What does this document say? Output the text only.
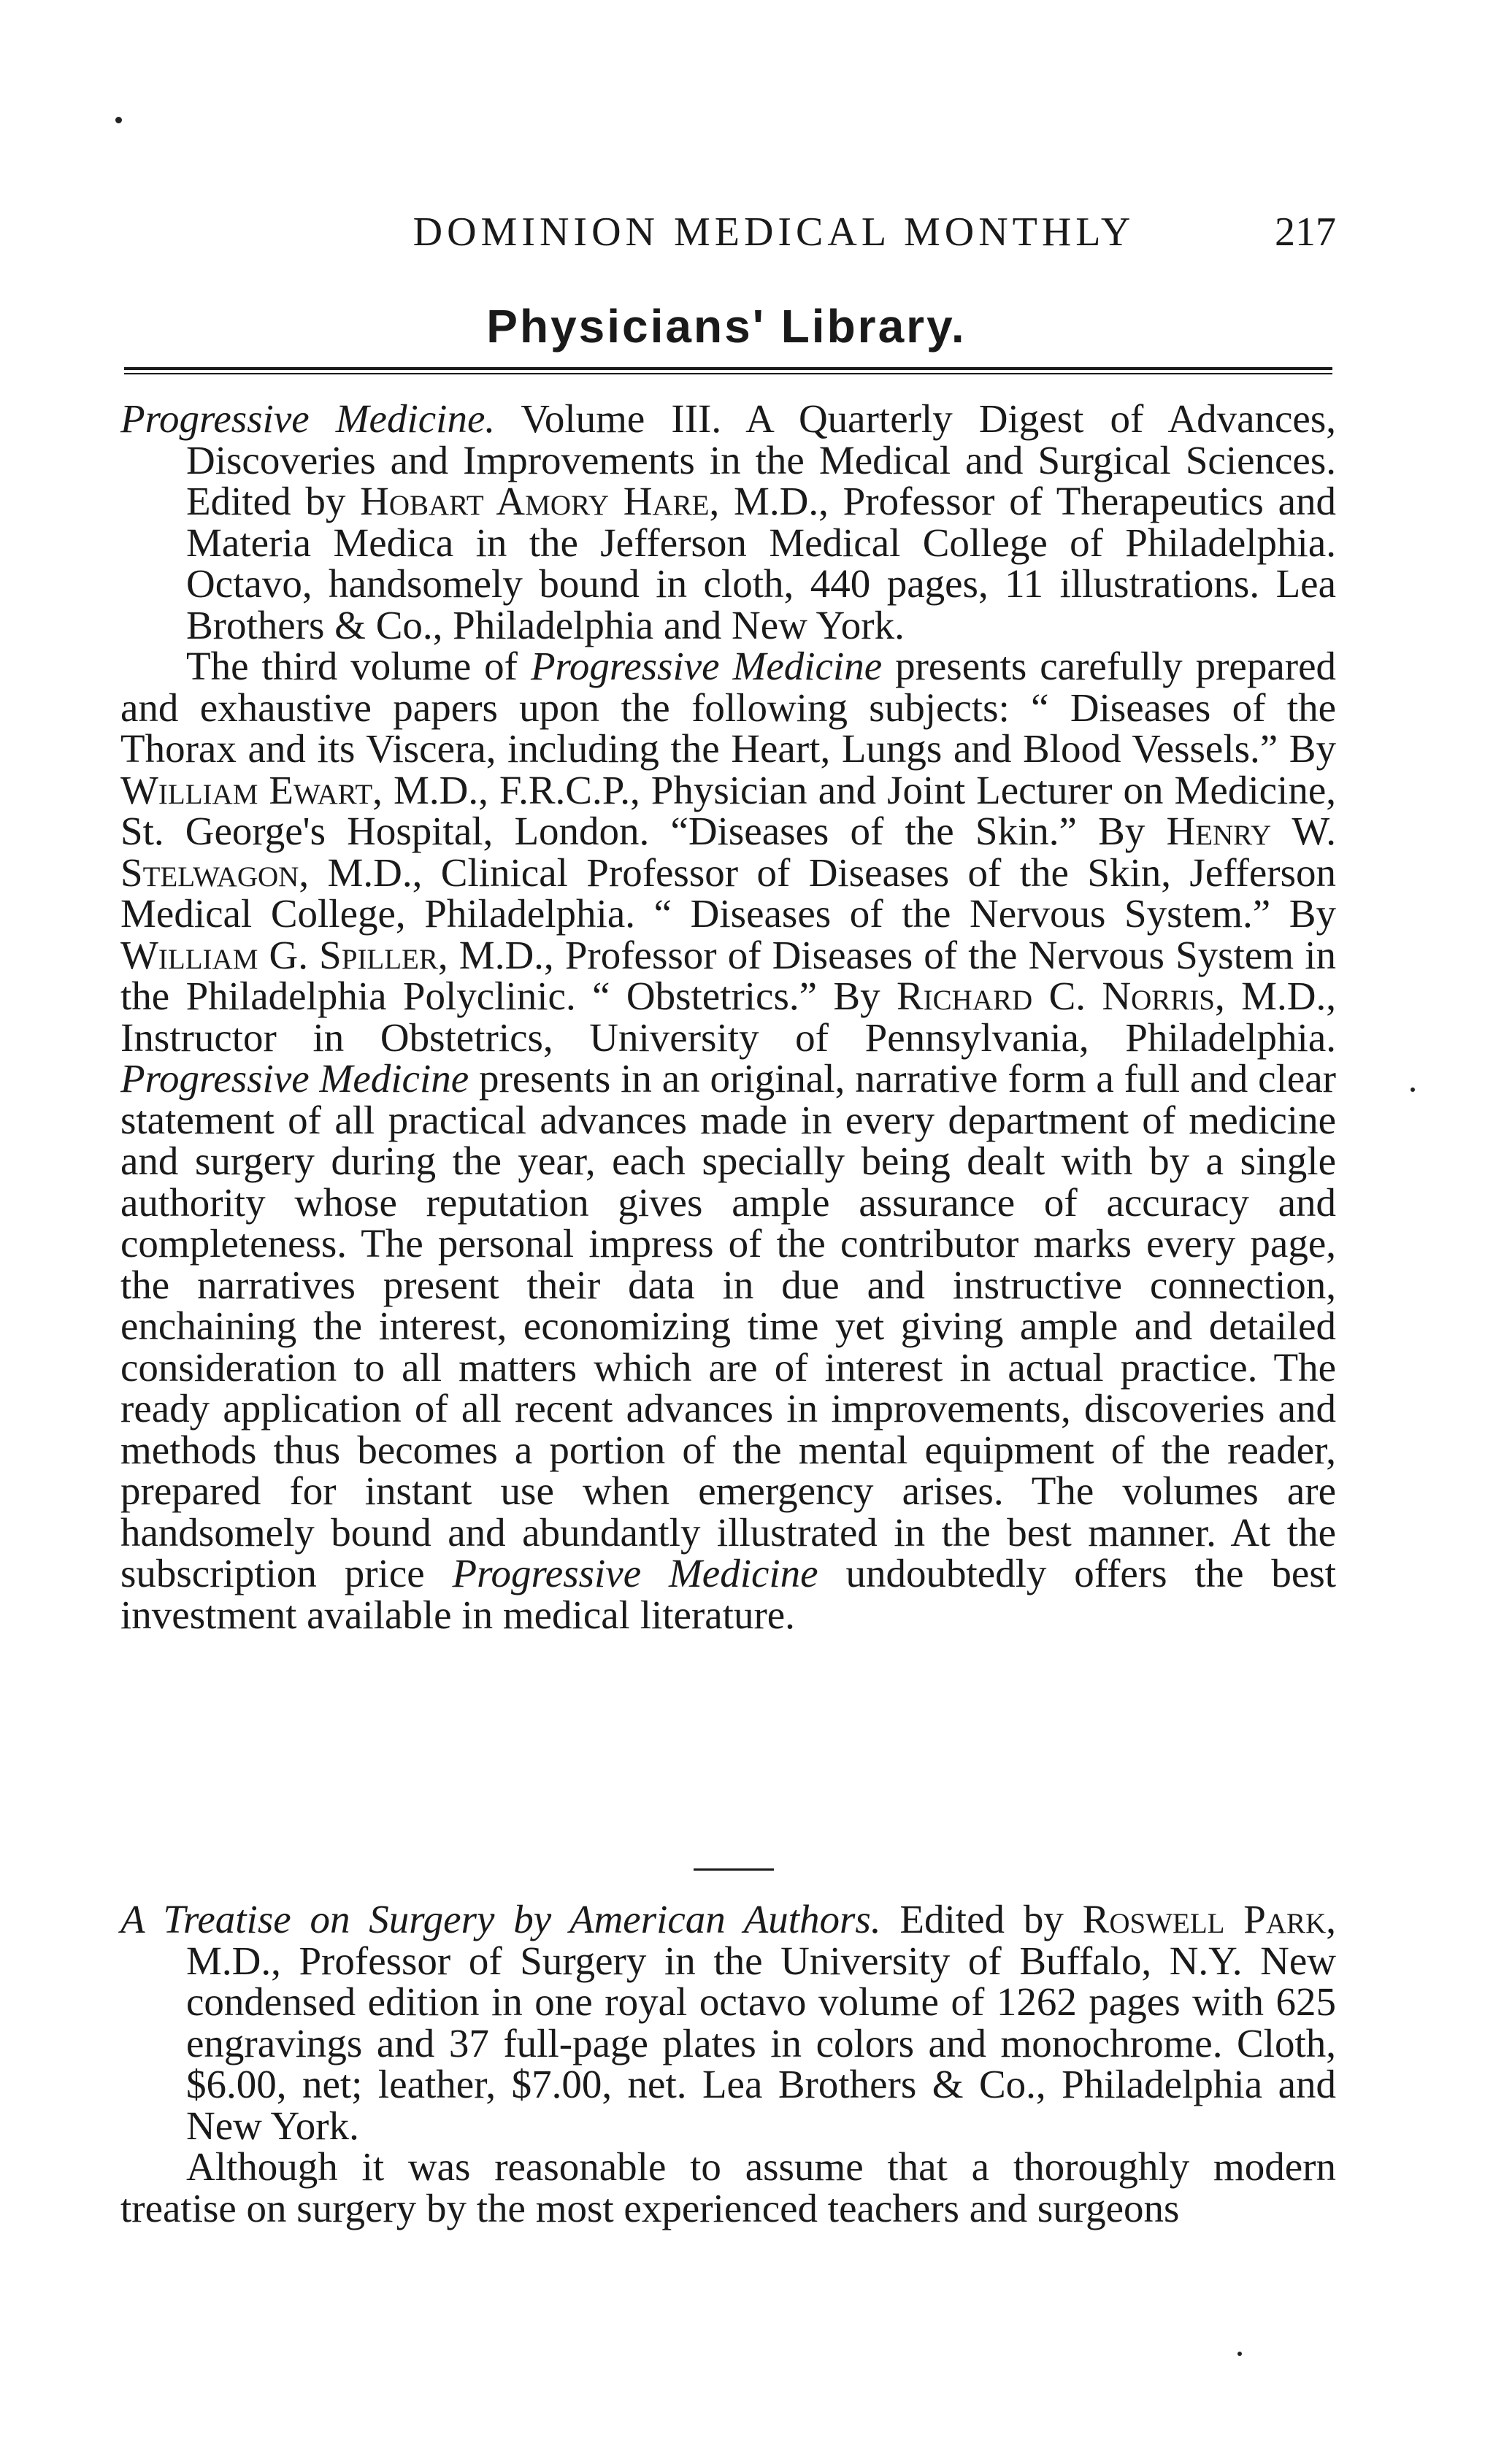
DOMINION MEDICAL MONTHLY	217
Physicians' Library.

Progressive Medicine. Volume III. A Quarterly Digest of Advances, Discoveries and Improvements in the Medical and Surgical Sciences. Edited by Hobart Amory Hare, M.D., Professor of Therapeutics and Materia Medica in the Jefferson Medical College of Philadelphia. Octavo, handsomely bound in cloth, 440 pages, 11 illustrations. Lea Brothers & Co., Philadelphia and New York.

The third volume of Progressive Medicine presents carefully prepared and exhaustive papers upon the following subjects: “ Diseases of the Thorax and its Viscera, including the Heart, Lungs and Blood Vessels.” By William Ewart, M.D., F.R.C.P., Physician and Joint Lecturer on Medicine, St. George's Hospital, London. “Diseases of the Skin.” By Henry W. Stelwagon, M.D., Clinical Professor of Diseases of the Skin, Jefferson Medical College, Philadelphia. “ Diseases of the Nervous System.” By William G. Spiller, M.D., Professor of Diseases of the Nervous System in the Philadelphia Polyclinic. “ Obstetrics.” By Richard C. Norris, M.D., Instructor in Obstetrics, University of Pennsylvania, Philadelphia. Progressive Medicine presents in an original, narrative form a full and clear statement of all practical advances made in every department of medicine and surgery during the year, each specially being dealt with by a single authority whose reputation gives ample assurance of accuracy and completeness. The personal impress of the contributor marks every page, the narratives present their data in due and instructive connection, enchaining the interest, economizing time yet giving ample and detailed consideration to all matters which are of interest in actual practice. The ready application of all recent advances in improvements, discoveries and methods thus becomes a portion of the mental equipment of the reader, prepared for instant use when emergency arises. The volumes are handsomely bound and abundantly illustrated in the best manner. At the subscription price Progressive Medicine undoubtedly offers the best investment available in medical literature.

A Treatise on Surgery by American Authors. Edited by Roswell Park, M.D., Professor of Surgery in the University of Buffalo, N.Y. New condensed edition in one royal octavo volume of 1262 pages with 625 engravings and 37 full-page plates in colors and monochrome. Cloth, $6.00, net; leather, $7.00, net. Lea Brothers & Co., Philadelphia and New York.

Although it was reasonable to assume that a thoroughly modern treatise on surgery by the most experienced teachers and surgeons
